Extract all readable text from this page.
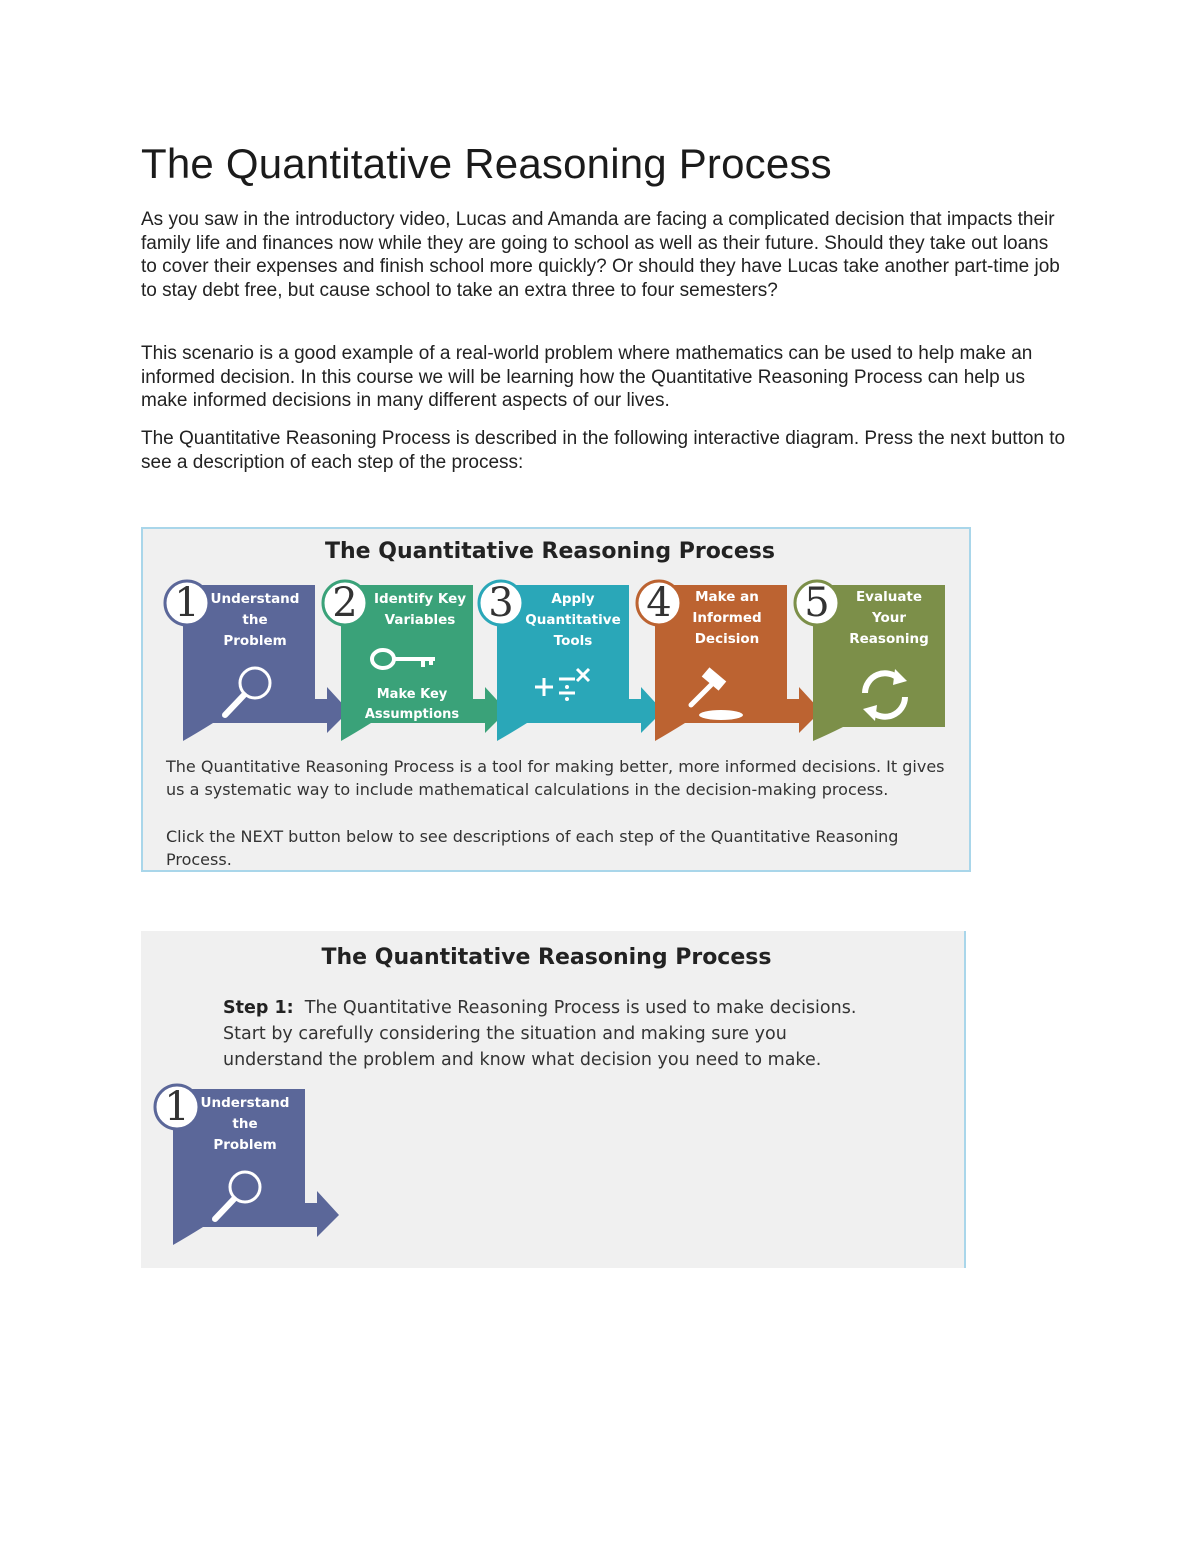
The Quantitative Reasoning Process

As you saw in the introductory video, Lucas and Amanda are facing a complicated decision that impacts their family life and finances now while they are going to school as well as their future. Should they take out loans to cover their expenses and finish school more quickly? Or should they have Lucas take another part-time job to stay debt free, but cause school to take an extra three to four semesters?

This scenario is a good example of a real-world problem where mathematics can be used to help make an informed decision. In this course we will be learning how the Quantitative Reasoning Process can help us make informed decisions in many different aspects of our lives.

The Quantitative Reasoning Process is described in the following interactive diagram. Press the next button to see a description of each step of the process:

The Quantitative Reasoning Process
1 Understand
the
Problem
2	Identify Key
Variables
Make Key
Assumptions
3	Apply
Quantitative
Tools
4	Make an
Informed
Decision
5	Evaluate
Your
Reasoning

The Quantitative Reasoning Process is a tool for making better, more informed decisions. It gives us a systematic way to include mathematical calculations in the decision-making process.

Click the NEXT button below to see descriptions of each step of the Quantitative Reasoning Process.

The Quantitative Reasoning Process

Step 1: The Quantitative Reasoning Process is used to make decisions. Start by carefully considering the situation and making sure you understand the problem and know what decision you need to make.

1 Understand
the
Problem
